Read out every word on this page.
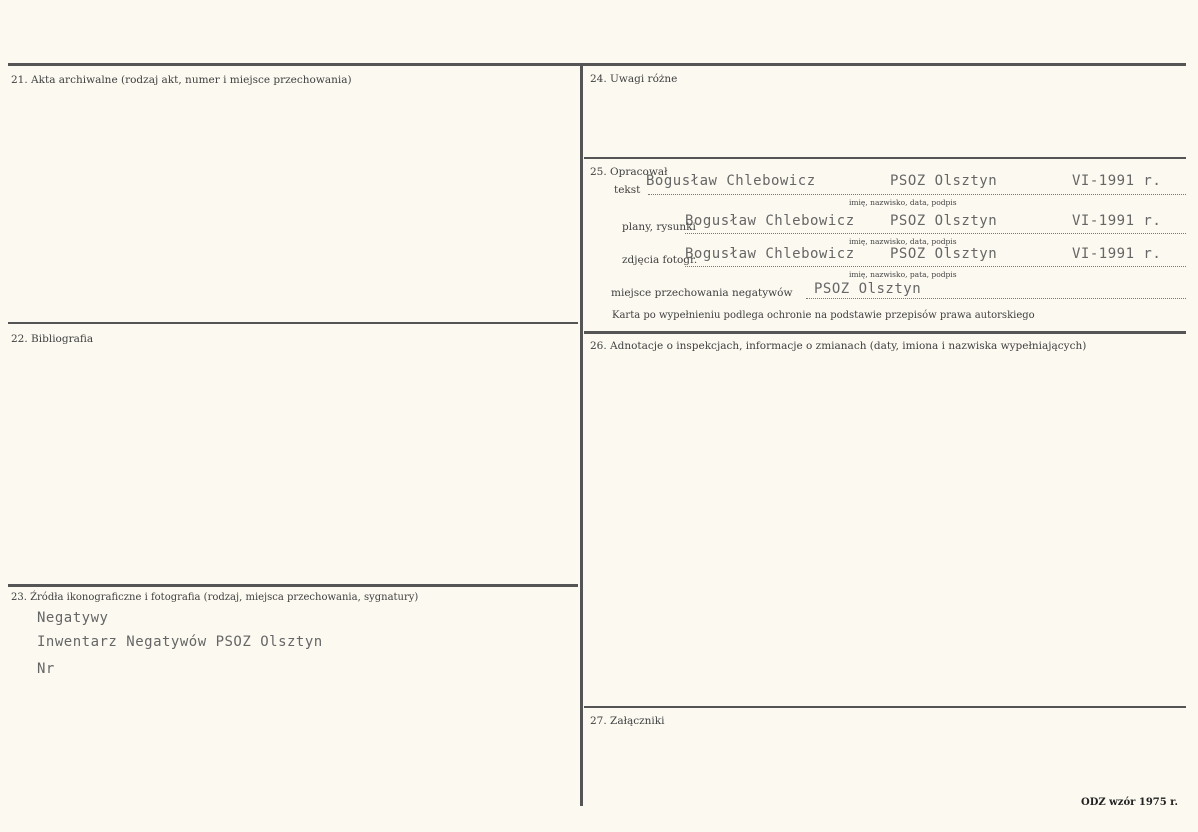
21. Akta archiwalne (rodzaj akt, numer i miejsce przechowania)
22. Bibliografia
23. Źródła ikonograficzne i fotografia (rodzaj, miejsca przechowania, sygnatury)
Negatywy
Inwentarz Negatywów PSOZ Olsztyn
Nr
24. Uwagi różne
25. Opracował
tekst
Bogusław Chlebowicz	PSOZ Olsztyn	VI-1991 r.
imię, nazwisko, data, podpis
plany, rysunki
Bogusław Chlebowicz	PSOZ Olsztyn	VI-1991 r.
imię, nazwisko, data, podpis
zdjęcia fotogr.
Bogusław Chlebowicz	PSOZ Olsztyn	VI-1991 r.
imię, nazwisko, pata, podpis
miejsce przechowania negatywów PSOZ Olsztyn
Karta po wypełnieniu podlega ochronie na podstawie przepisów prawa autorskiego
26. Adnotacje o inspekcjach, informacje o zmianach (daty, imiona i nazwiska wypełniających)
27. Załączniki
ODZ wzór 1975 r.
